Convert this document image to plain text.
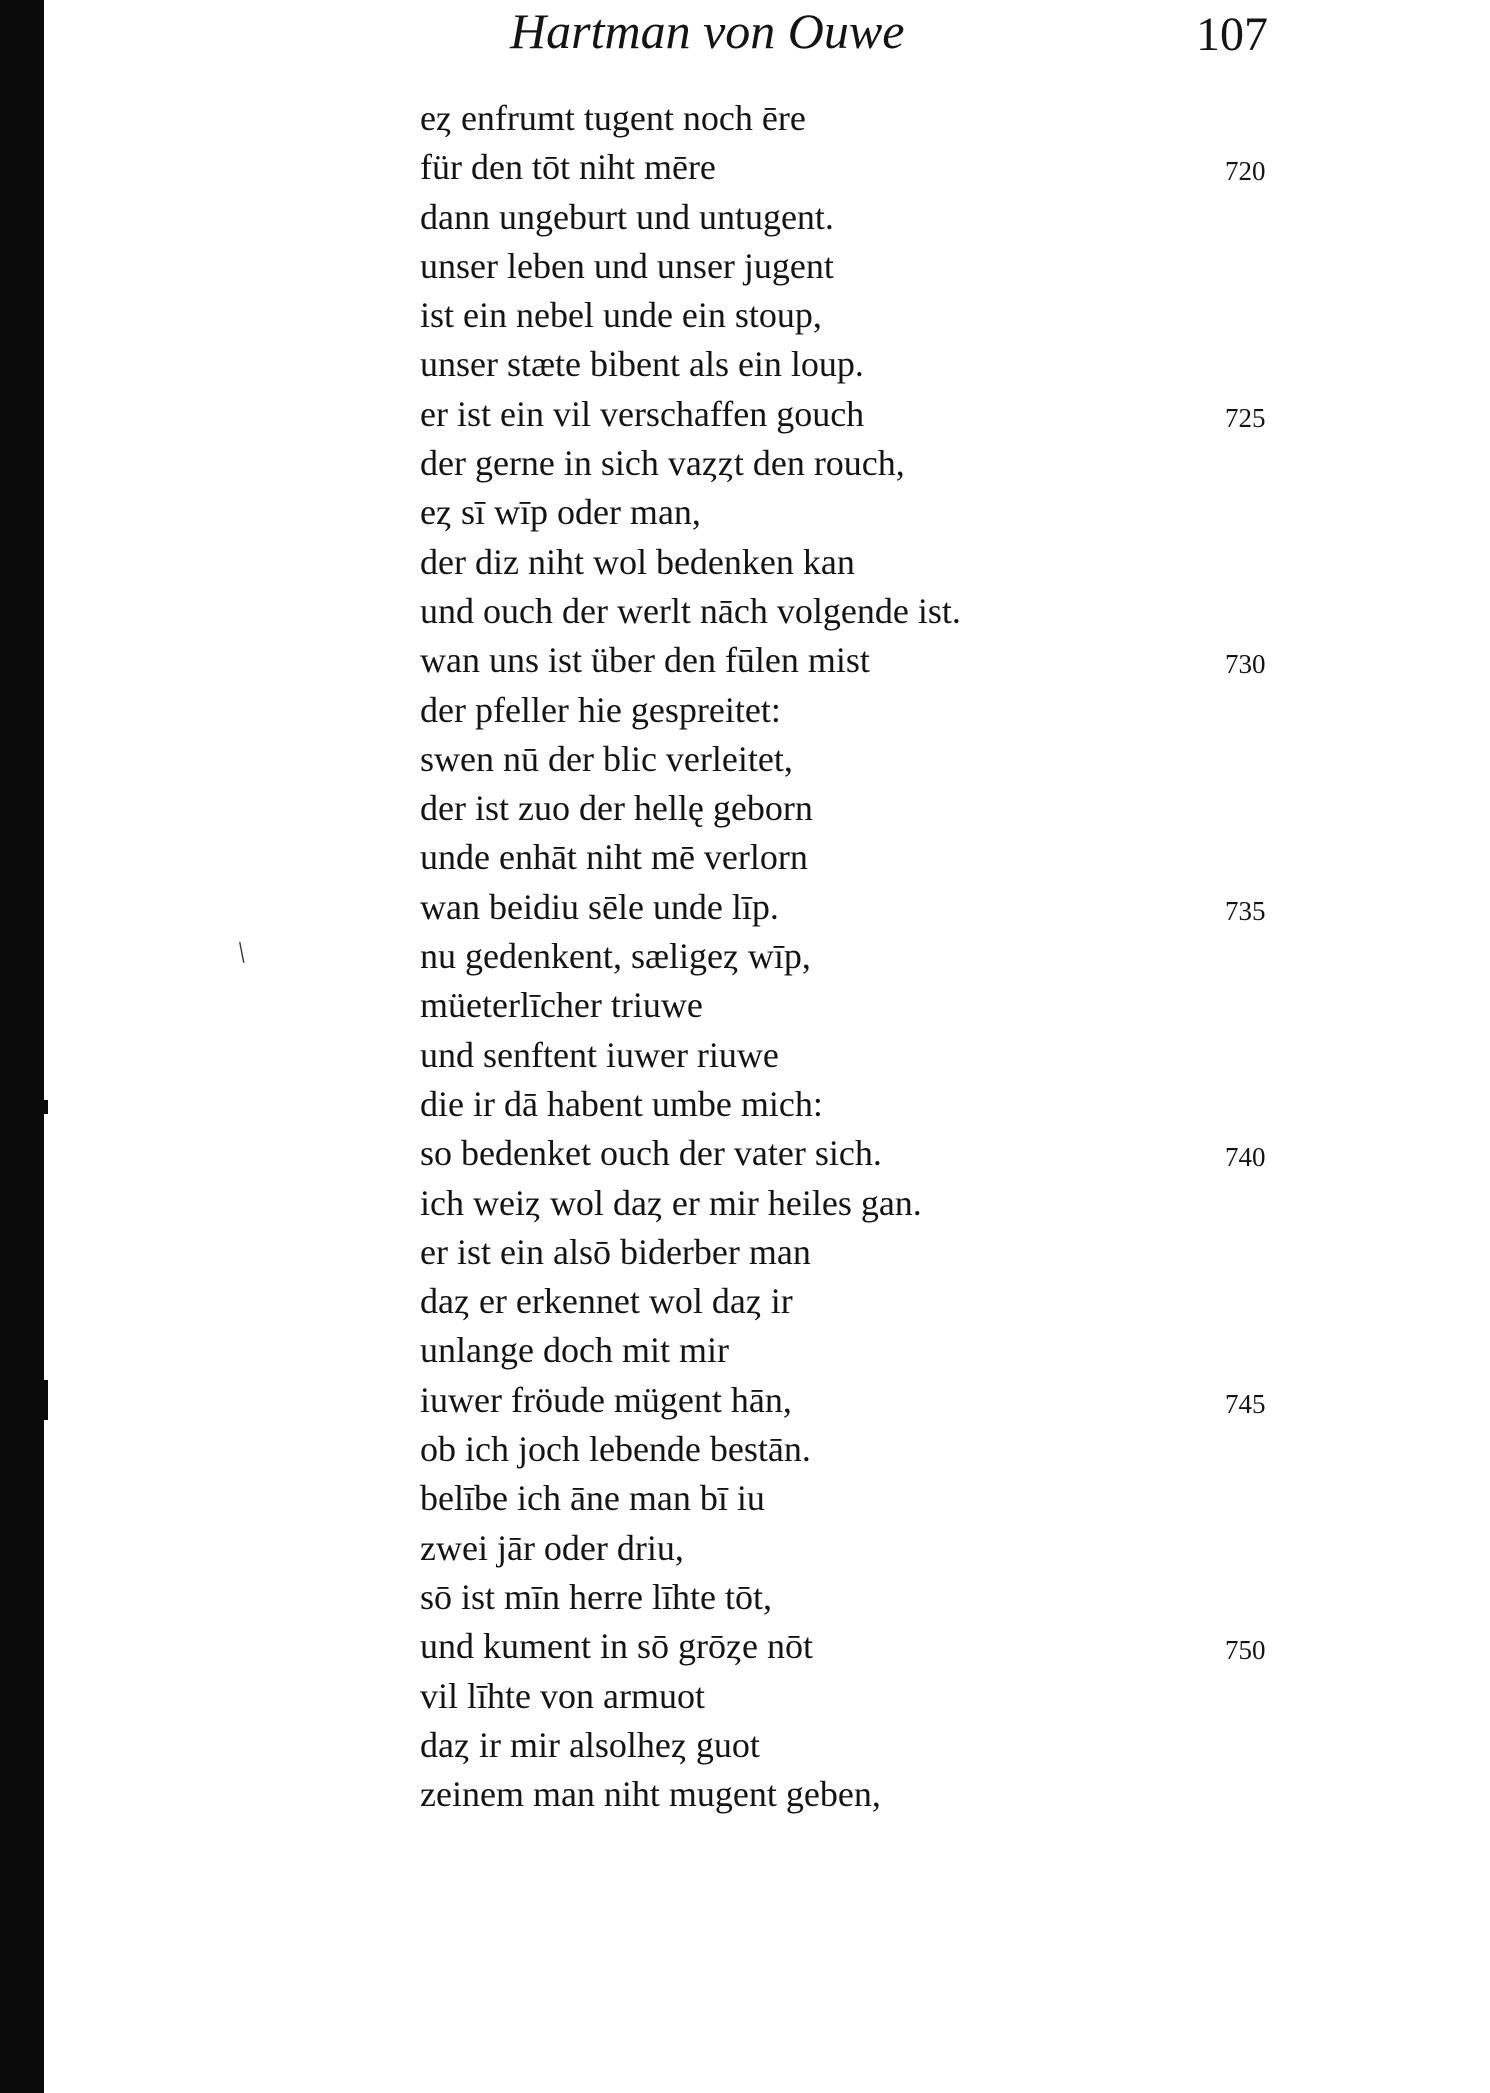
Hartman von Ouwe	107
eȥ enfrumt tugent noch ēre
für den tōt niht mēre
dann ungeburt und untugent.
unser leben und unser jugent
ist ein nebel unde ein stoup,
unser stæte bibent als ein loup.
er ist ein vil verschaffen gouch
der gerne in sich vaȥȥt den rouch,
eȥ sī wīp oder man,
der diz niht wol bedenken kan
und ouch der werlt nāch volgende ist.
wan uns ist über den fūlen mist
der pfeller hie gespreitet:
swen nū der blic verleitet,
der ist zuo der hellę geborn
unde enhāt niht mē verlorn
wan beidiu sēle unde līp.
nu gedenkent, sæligeȥ wīp,
müeterlīcher triuwe
und senftent iuwer riuwe
die ir dā habent umbe mich:
so bedenket ouch der vater sich.
ich weiȥ wol daȥ er mir heiles gan.
er ist ein alsō biderber man
daȥ er erkennet wol daȥ ir
unlange doch mit mir
iuwer fröude mügent hān,
ob ich joch lebende bestān.
belībe ich āne man bī iu
zwei jār oder driu,
sō ist mīn herre līhte tōt,
und kument in sō grōȥe nōt
vil līhte von armuot
daȥ ir mir alsolheȥ guot
zeinem man niht mugent geben,
720
725
730
735
740
745
750
/
